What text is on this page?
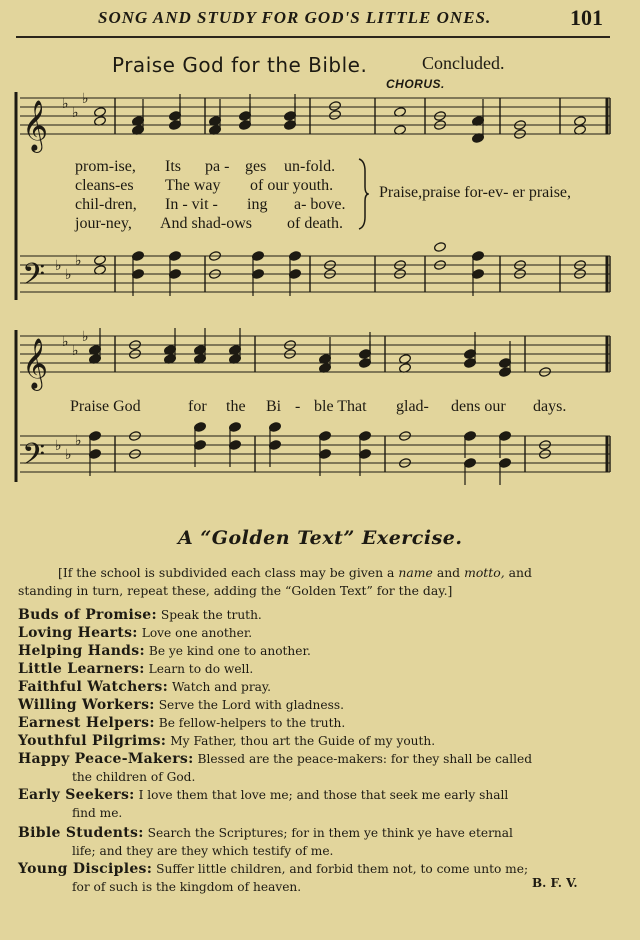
SONG AND STUDY FOR GOD'S LITTLE ONES.	101
Praise God for the Bible.	Concluded.
CHORUS.
𝄞
𝄢
𝄞
𝄢
♭
♭
♭
♭
♭
♭
♭
♭
♭
♭
♭
♭
prom-ise, Its pa - ges un-fold.
cleans-es The way of our youth.
chil-dren, In - vit - ing a- bove.
jour-ney, And shad-ows of death.
Praise,praise for-ev- er praise,
Praise God	for the Bi - ble That glad- dens our days.
A “Golden Text” Exercise.
[If the school is subdivided each class may be given a name and motto, and
standing in turn, repeat these, adding the “Golden Text” for the day.]
Buds of Promise: Speak the truth.
Loving Hearts: Love one another.
Helping Hands: Be ye kind one to another.
Little Learners: Learn to do well.
Faithful Watchers: Watch and pray.
Willing Workers: Serve the Lord with gladness.
Earnest Helpers: Be fellow-helpers to the truth.
Youthful Pilgrims: My Father, thou art the Guide of my youth.
Happy Peace-Makers: Blessed are the peace-makers: for they shall be called
the children of God.
Early Seekers: I love them that love me; and those that seek me early shall
find me.
Bible Students: Search the Scriptures; for in them ye think ye have eternal
life; and they are they which testify of me.
Young Disciples: Suffer little children, and forbid them not, to come unto me;
for of such is the kingdom of heaven.	B. F. V.
